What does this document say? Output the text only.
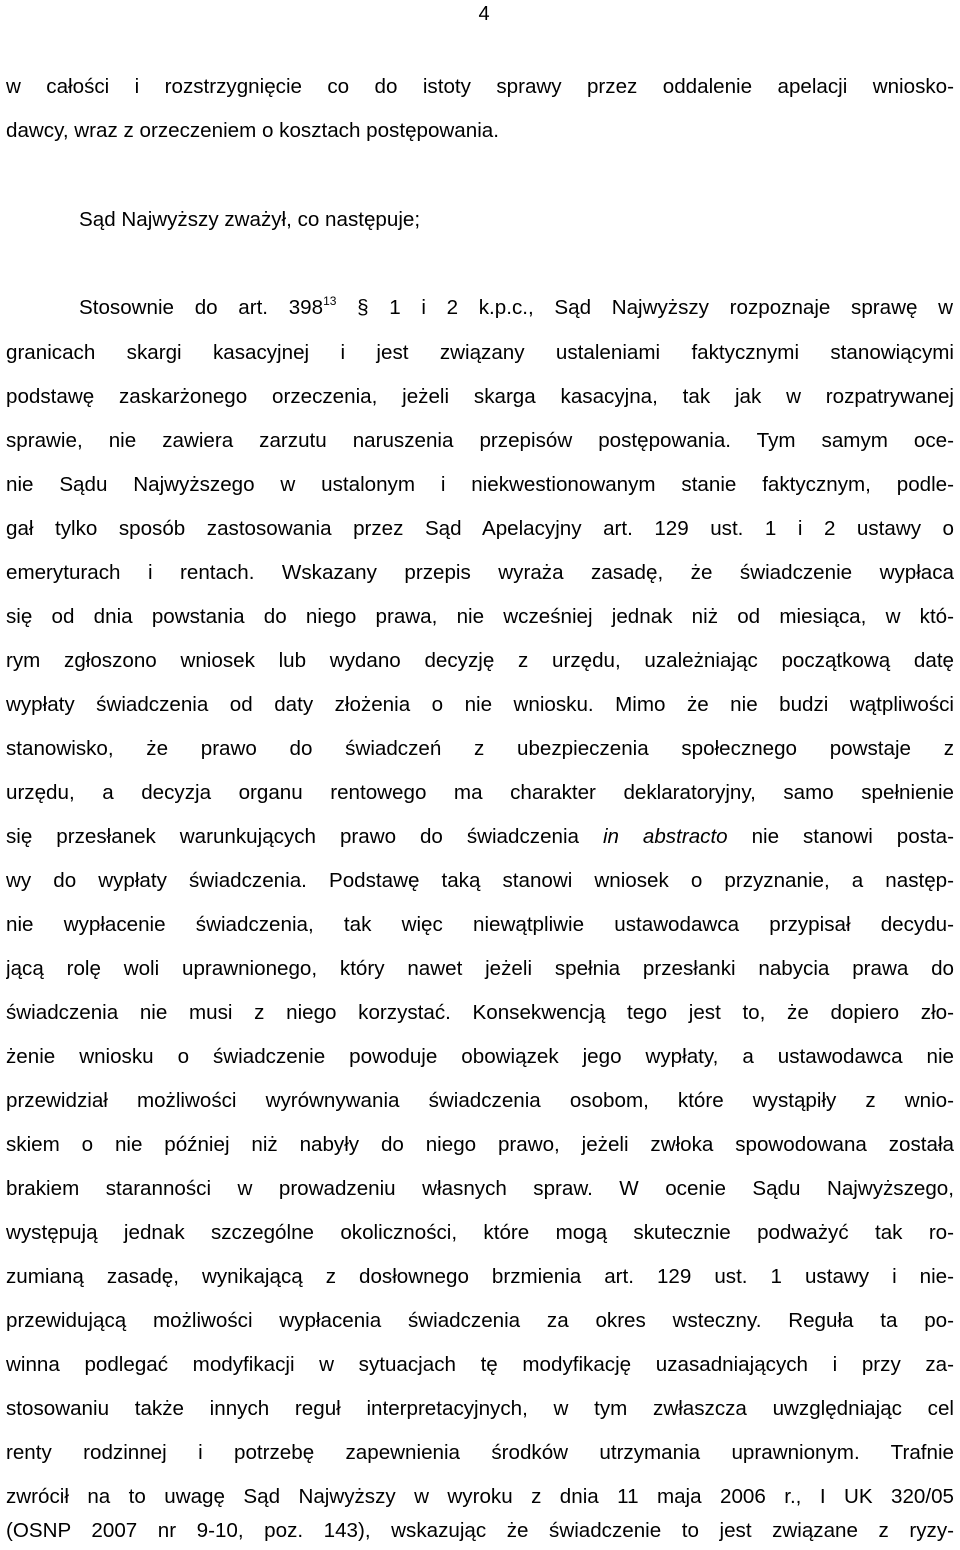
4
w całości i rozstrzygnięcie co do istoty sprawy przez oddalenie apelacji wniosko-
dawcy, wraz z orzeczeniem o kosztach postępowania.
Sąd Najwyższy zważył, co następuje;
Stosownie do art. $398^{13}$ § 1 i 2 k.p.c., Sąd Najwyższy rozpoznaje sprawę w
granicach skargi kasacyjnej i jest związany ustaleniami faktycznymi stanowiącymi
podstawę zaskarżonego orzeczenia, jeżeli skarga kasacyjna, tak jak w rozpatrywanej
sprawie, nie zawiera zarzutu naruszenia przepisów postępowania. Tym samym oce-
nie Sądu Najwyższego w ustalonym i niekwestionowanym stanie faktycznym, podle-
gał tylko sposób zastosowania przez Sąd Apelacyjny art. 129 ust. 1 i 2 ustawy o
emeryturach i rentach. Wskazany przepis wyraża zasadę, że świadczenie wypłaca
się od dnia powstania do niego prawa, nie wcześniej jednak niż od miesiąca, w któ-
rym zgłoszono wniosek lub wydano decyzję z urzędu, uzależniając początkową datę
wypłaty świadczenia od daty złożenia o nie wniosku. Mimo że nie budzi wątpliwości
stanowisko, że prawo do świadczeń z ubezpieczenia społecznego powstaje z
urzędu, a decyzja organu rentowego ma charakter deklaratoryjny, samo spełnienie
się przesłanek warunkujących prawo do świadczenia in abstracto nie stanowi posta-
wy do wypłaty świadczenia. Podstawę taką stanowi wniosek o przyznanie, a następ-
nie wypłacenie świadczenia, tak więc niewątpliwie ustawodawca przypisał decydu-
jącą rolę woli uprawnionego, który nawet jeżeli spełnia przesłanki nabycia prawa do
świadczenia nie musi z niego korzystać. Konsekwencją tego jest to, że dopiero zło-
żenie wniosku o świadczenie powoduje obowiązek jego wypłaty, a ustawodawca nie
przewidział możliwości wyrównywania świadczenia osobom, które wystąpiły z wnio-
skiem o nie później niż nabyły do niego prawo, jeżeli zwłoka spowodowana została
brakiem staranności w prowadzeniu własnych spraw. W ocenie Sądu Najwyższego,
występują jednak szczególne okoliczności, które mogą skutecznie podważyć tak ro-
zumianą zasadę, wynikającą z dosłownego brzmienia art. 129 ust. 1 ustawy i nie-
przewidującą możliwości wypłacenia świadczenia za okres wsteczny. Reguła ta po-
winna podlegać modyfikacji w sytuacjach tę modyfikację uzasadniających i przy za-
stosowaniu także innych reguł interpretacyjnych, w tym zwłaszcza uwzględniając cel
renty rodzinnej i potrzebę zapewnienia środków utrzymania uprawnionym. Trafnie
zwrócił na to uwagę Sąd Najwyższy w wyroku z dnia 11 maja 2006 r., I UK 320/05
(OSNP 2007 nr 9-10, poz. 143), wskazując że świadczenie to jest związane z ryzy-
